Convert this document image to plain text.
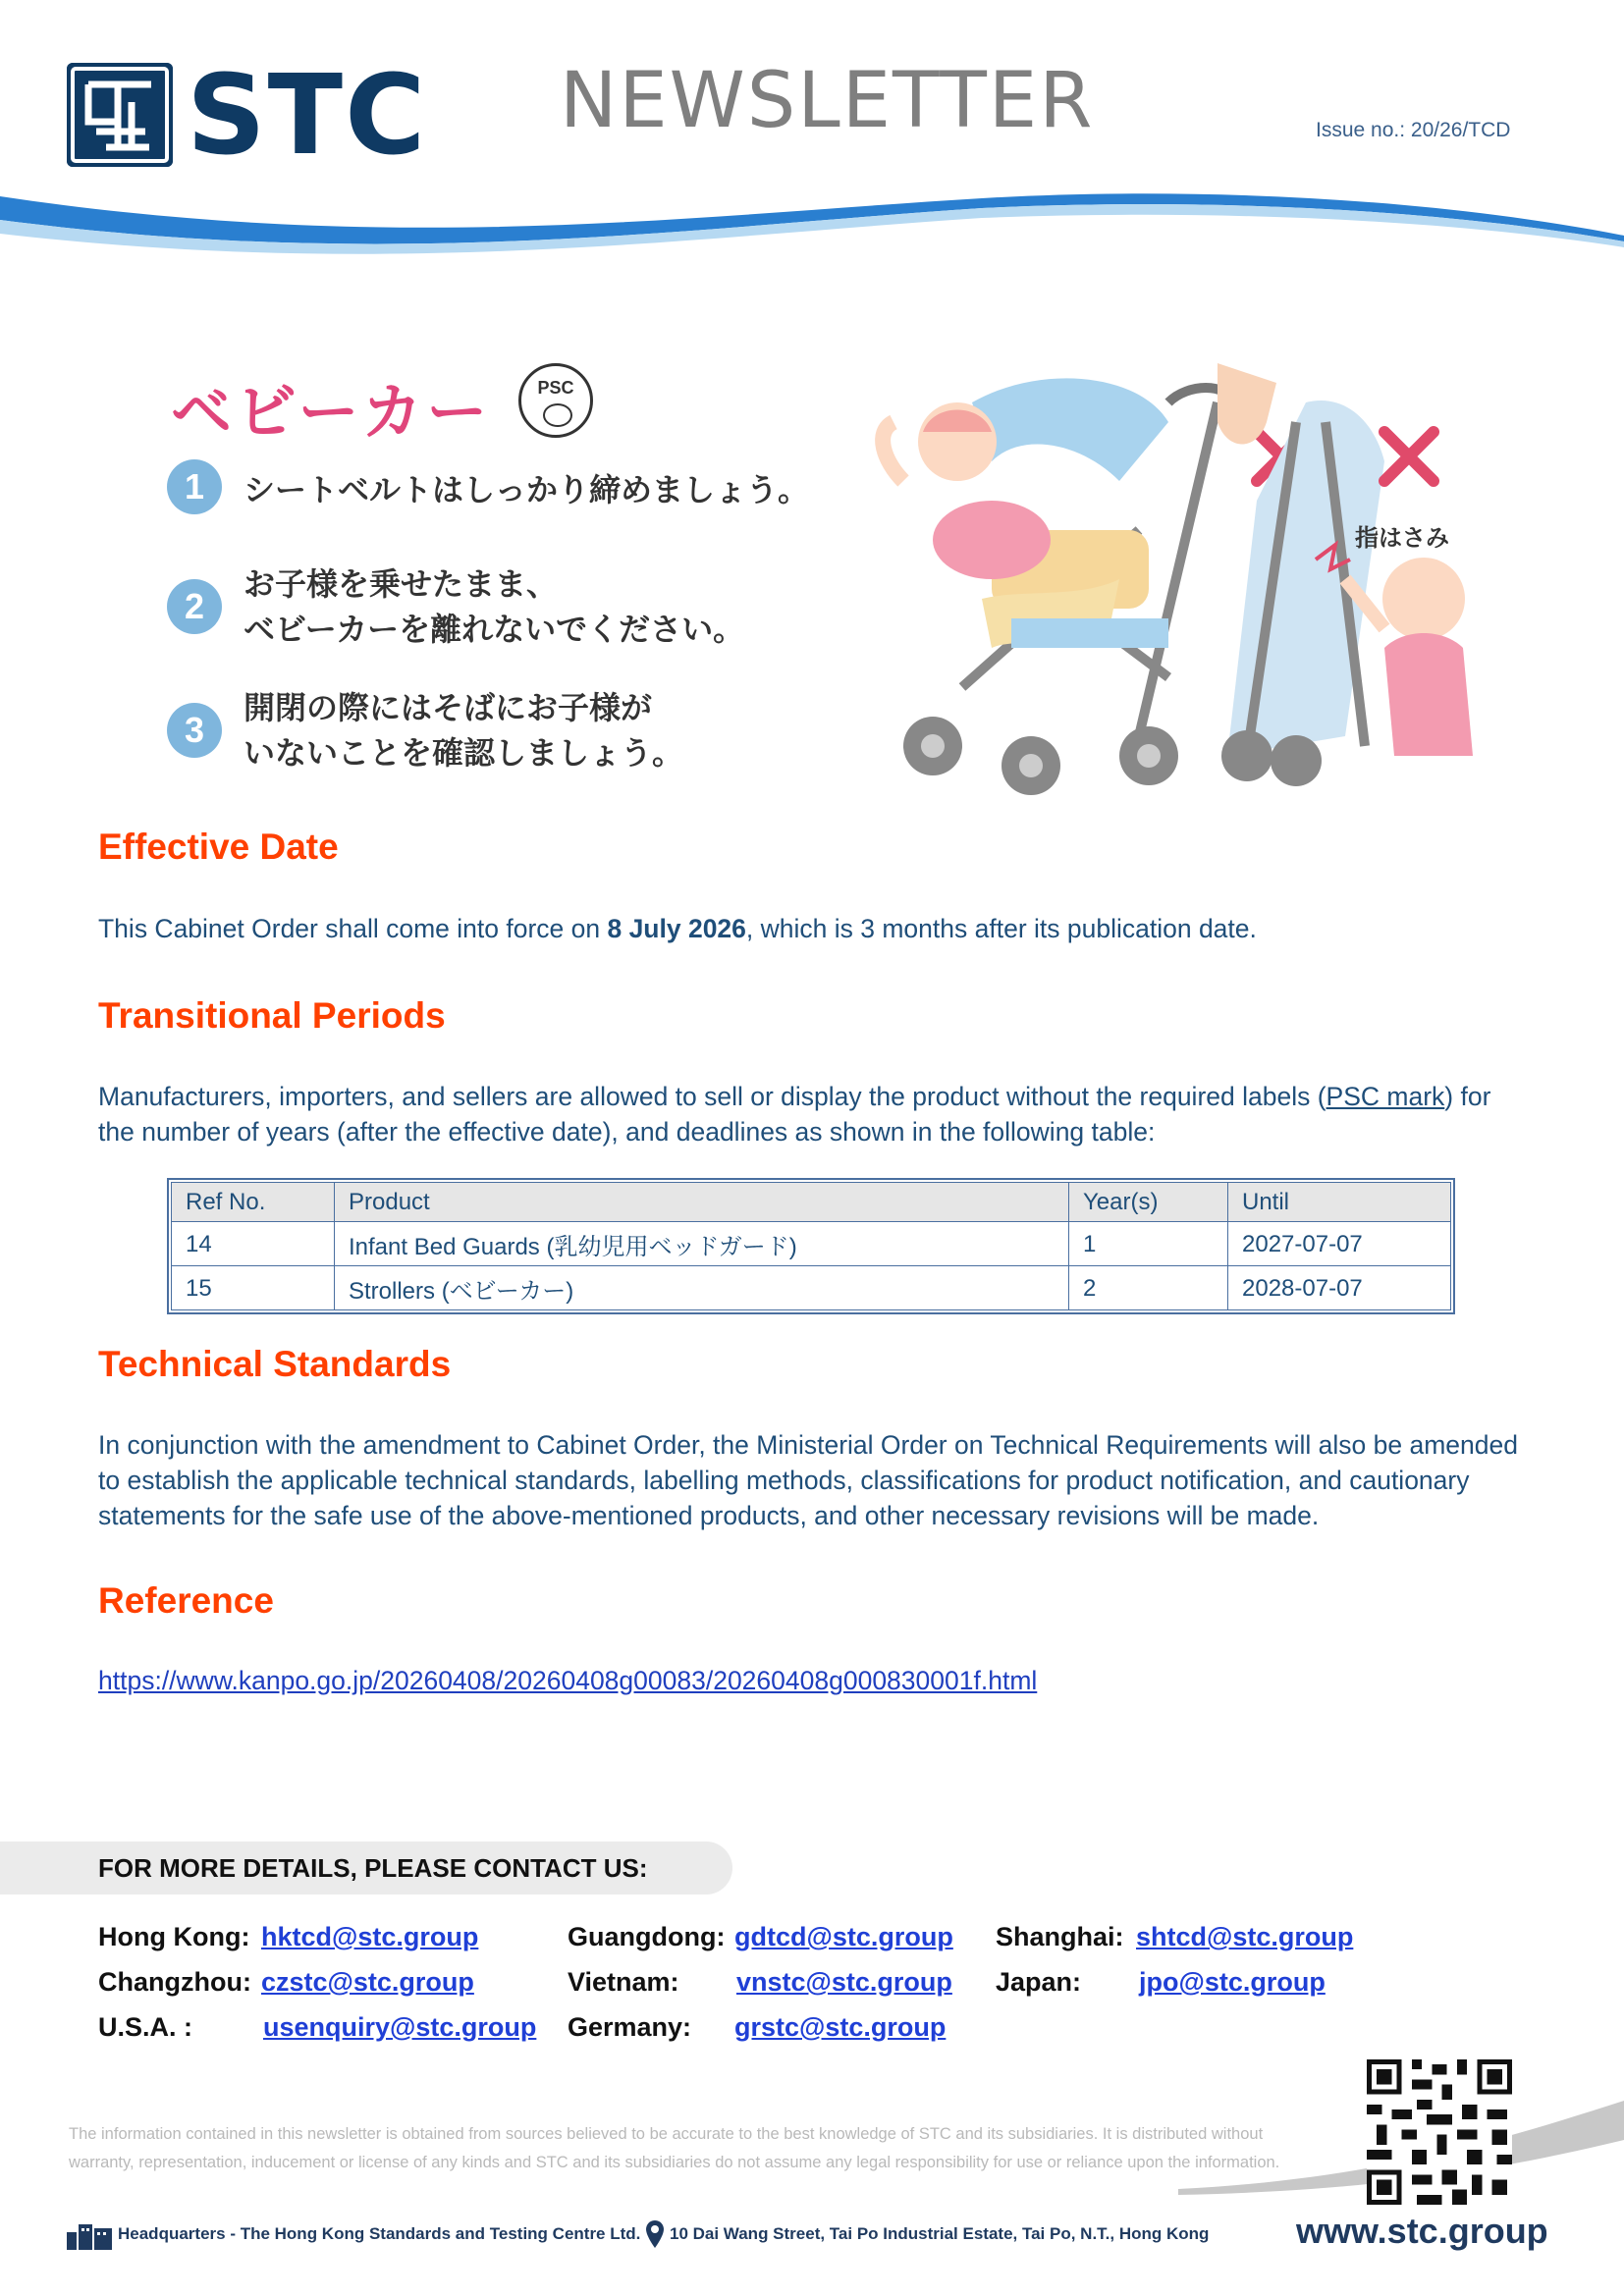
STC NEWSLETTER	Issue no.: 20/26/TCD
ベビーカー	PSC
1	シートベルトはしっかり締めましょう。
2
お子様を乗せたまま、
ベビーカーを離れないでください。
3
開閉の際にはそばにお子様が
いないことを確認しましょう。
指はさみ
Effective Date
This Cabinet Order shall come into force on 8 July 2026, which is 3 months after its publication date.
Transitional Periods
Manufacturers, importers, and sellers are allowed to sell or display the product without the required labels (PSC mark) for the number of years (after the effective date), and deadlines as shown in the following table:
Ref No.	Product	Year(s)	Until
14	Infant Bed Guards (乳幼児用ベッドガード)	1	2027-07-07
15	Strollers (ベビーカー)	2	2028-07-07
Technical Standards
In conjunction with the amendment to Cabinet Order, the Ministerial Order on Technical Requirements will also be amended to establish the applicable technical standards, labelling methods, classifications for product notification, and cautionary statements for the safe use of the above-mentioned products, and other necessary revisions will be made.
Reference
https://www.kanpo.go.jp/20260408/20260408g00083/20260408g000830001f.html
FOR MORE DETAILS, PLEASE CONTACT US:
Hong Kong: hktcd@stc.group	Guangdong: gdtcd@stc.group Shanghai: shtcd@stc.group
Changzhou: czstc@stc.group	Vietnam: vnstc@stc.group Japan: jpo@stc.group
U.S.A. :	usenquiry@stc.group Germany: grstc@stc.group
The information contained in this newsletter is obtained from sources believed to be accurate to the best knowledge of STC and its subsidiaries. It is distributed without
warranty, representation, inducement or license of any kinds and STC and its subsidiaries do not assume any legal responsibility for use or reliance upon the information.
Headquarters - The Hong Kong Standards and Testing Centre Ltd. 10 Dai Wang Street, Tai Po Industrial Estate, Tai Po, N.T., Hong Kong www.stc.group
